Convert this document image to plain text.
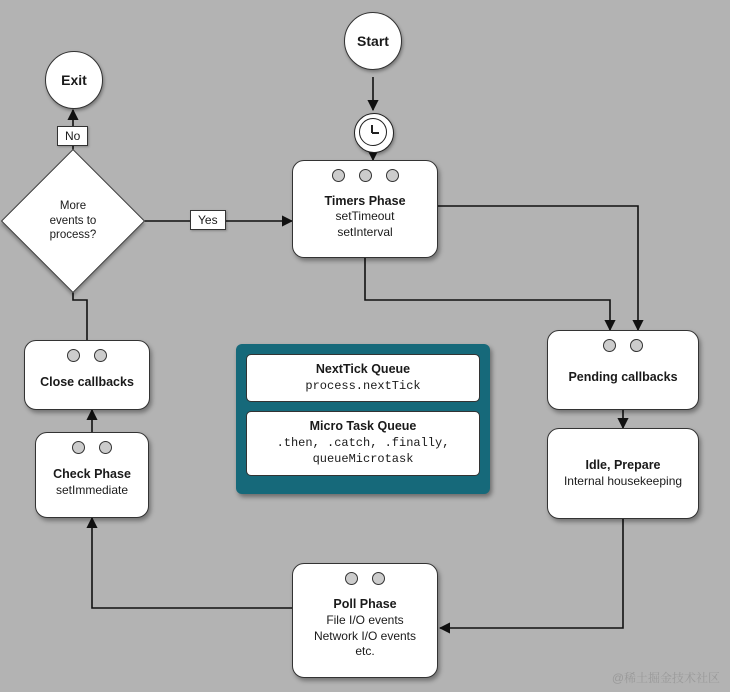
Start
Exit
More
events to
process?
No
Yes
Timers Phase
setTimeout
setInterval
Pending callbacks
Idle, Prepare
Internal housekeeping
Poll Phase
File I/O events
Network I/O events
etc.
Check Phase
setImmediate
Close callbacks
NextTick Queue
process.nextTick
Micro Task Queue
.then, .catch, .finally,
queueMicrotask
@稀土掘金技术社区
